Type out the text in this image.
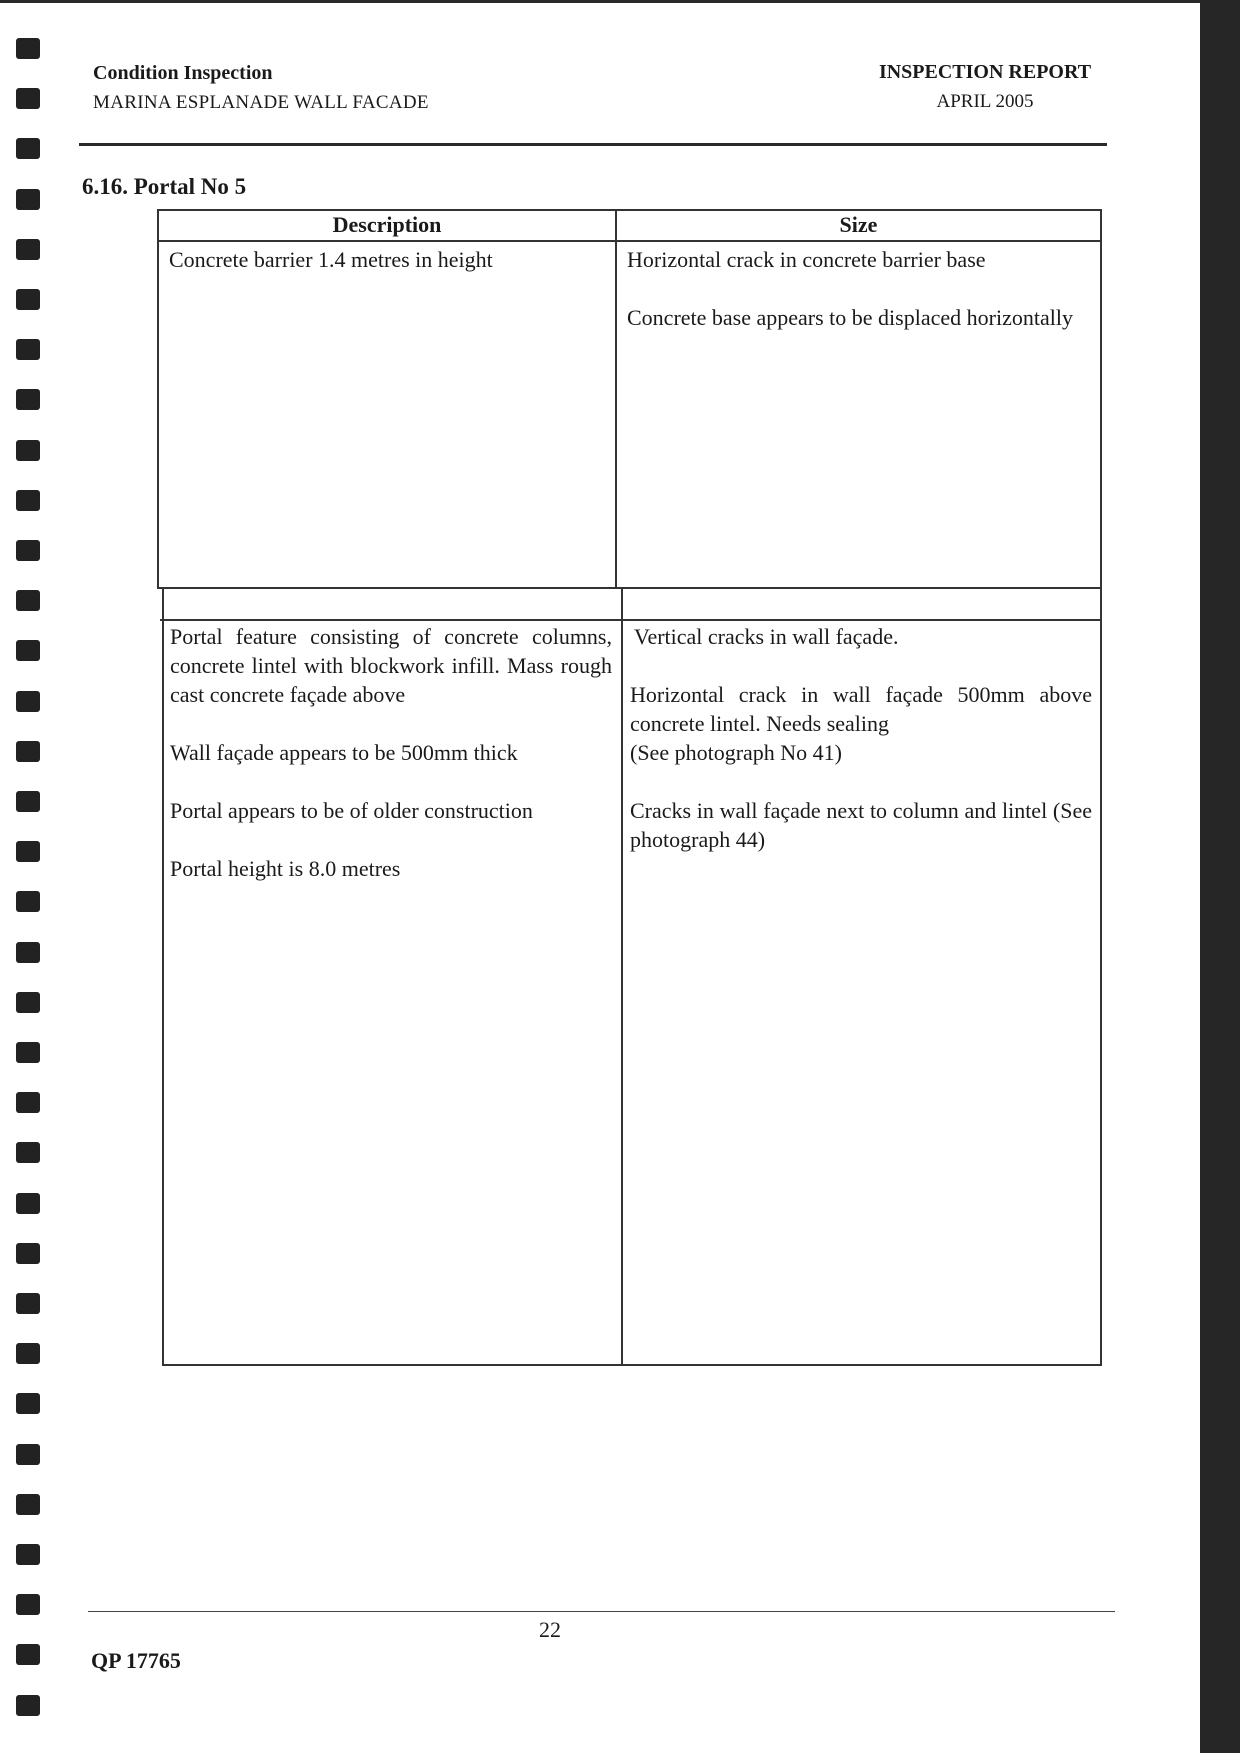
Condition Inspection
MARINA ESPLANADE WALL FACADE
INSPECTION REPORT
APRIL 2005
6.16. Portal No 5
Description	Size

Concrete barrier 1.4 metres in height	Horizontal crack in concrete barrier base

Concrete base appears to be displaced horizontally

Portal feature consisting of concrete columns, concrete lintel with blockwork infill. Mass rough cast concrete façade above

Wall façade appears to be 500mm thick

Portal appears to be of older construction

Portal height is 8.0 metres

Vertical cracks in wall façade.

Horizontal crack in wall façade 500mm above concrete lintel. Needs sealing

(See photograph No 41)

Cracks in wall façade next to column and lintel (See photograph 44)

22
QP 17765
